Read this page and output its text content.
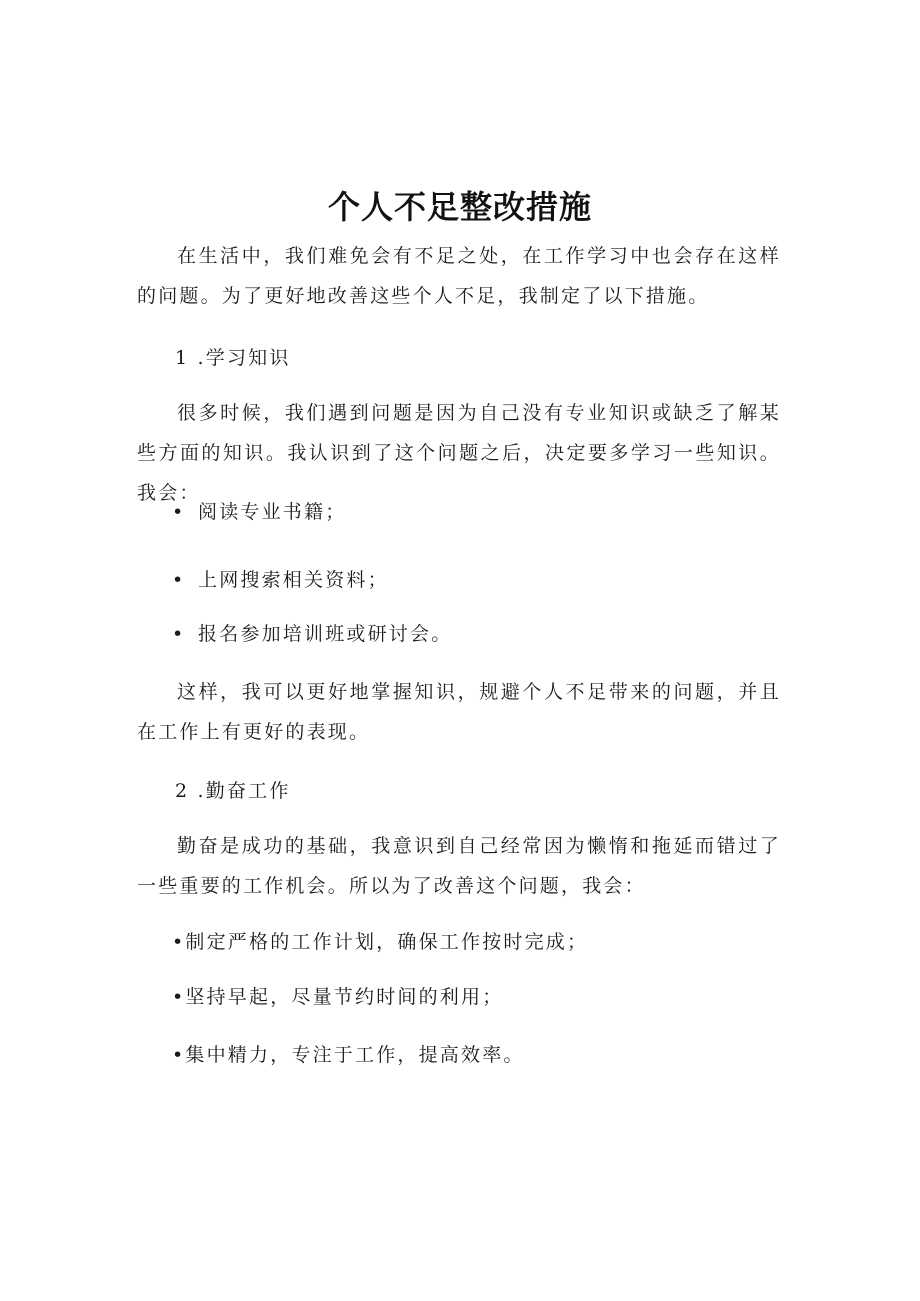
个人不足整改措施
在生活中，我们难免会有不足之处，在工作学习中也会存在这样的问题。为了更好地改善这些个人不足，我制定了以下措施。
1 .学习知识
很多时候，我们遇到问题是因为自己没有专业知识或缺乏了解某些方面的知识。我认识到了这个问题之后，决定要多学习一些知识。我会：
• 阅读专业书籍；
• 上网搜索相关资料；
• 报名参加培训班或研讨会。
这样，我可以更好地掌握知识，规避个人不足带来的问题，并且在工作上有更好的表现。
2 .勤奋工作
勤奋是成功的基础，我意识到自己经常因为懒惰和拖延而错过了一些重要的工作机会。所以为了改善这个问题，我会：
•制定严格的工作计划，确保工作按时完成；
•坚持早起，尽量节约时间的利用；
•集中精力，专注于工作，提高效率。
